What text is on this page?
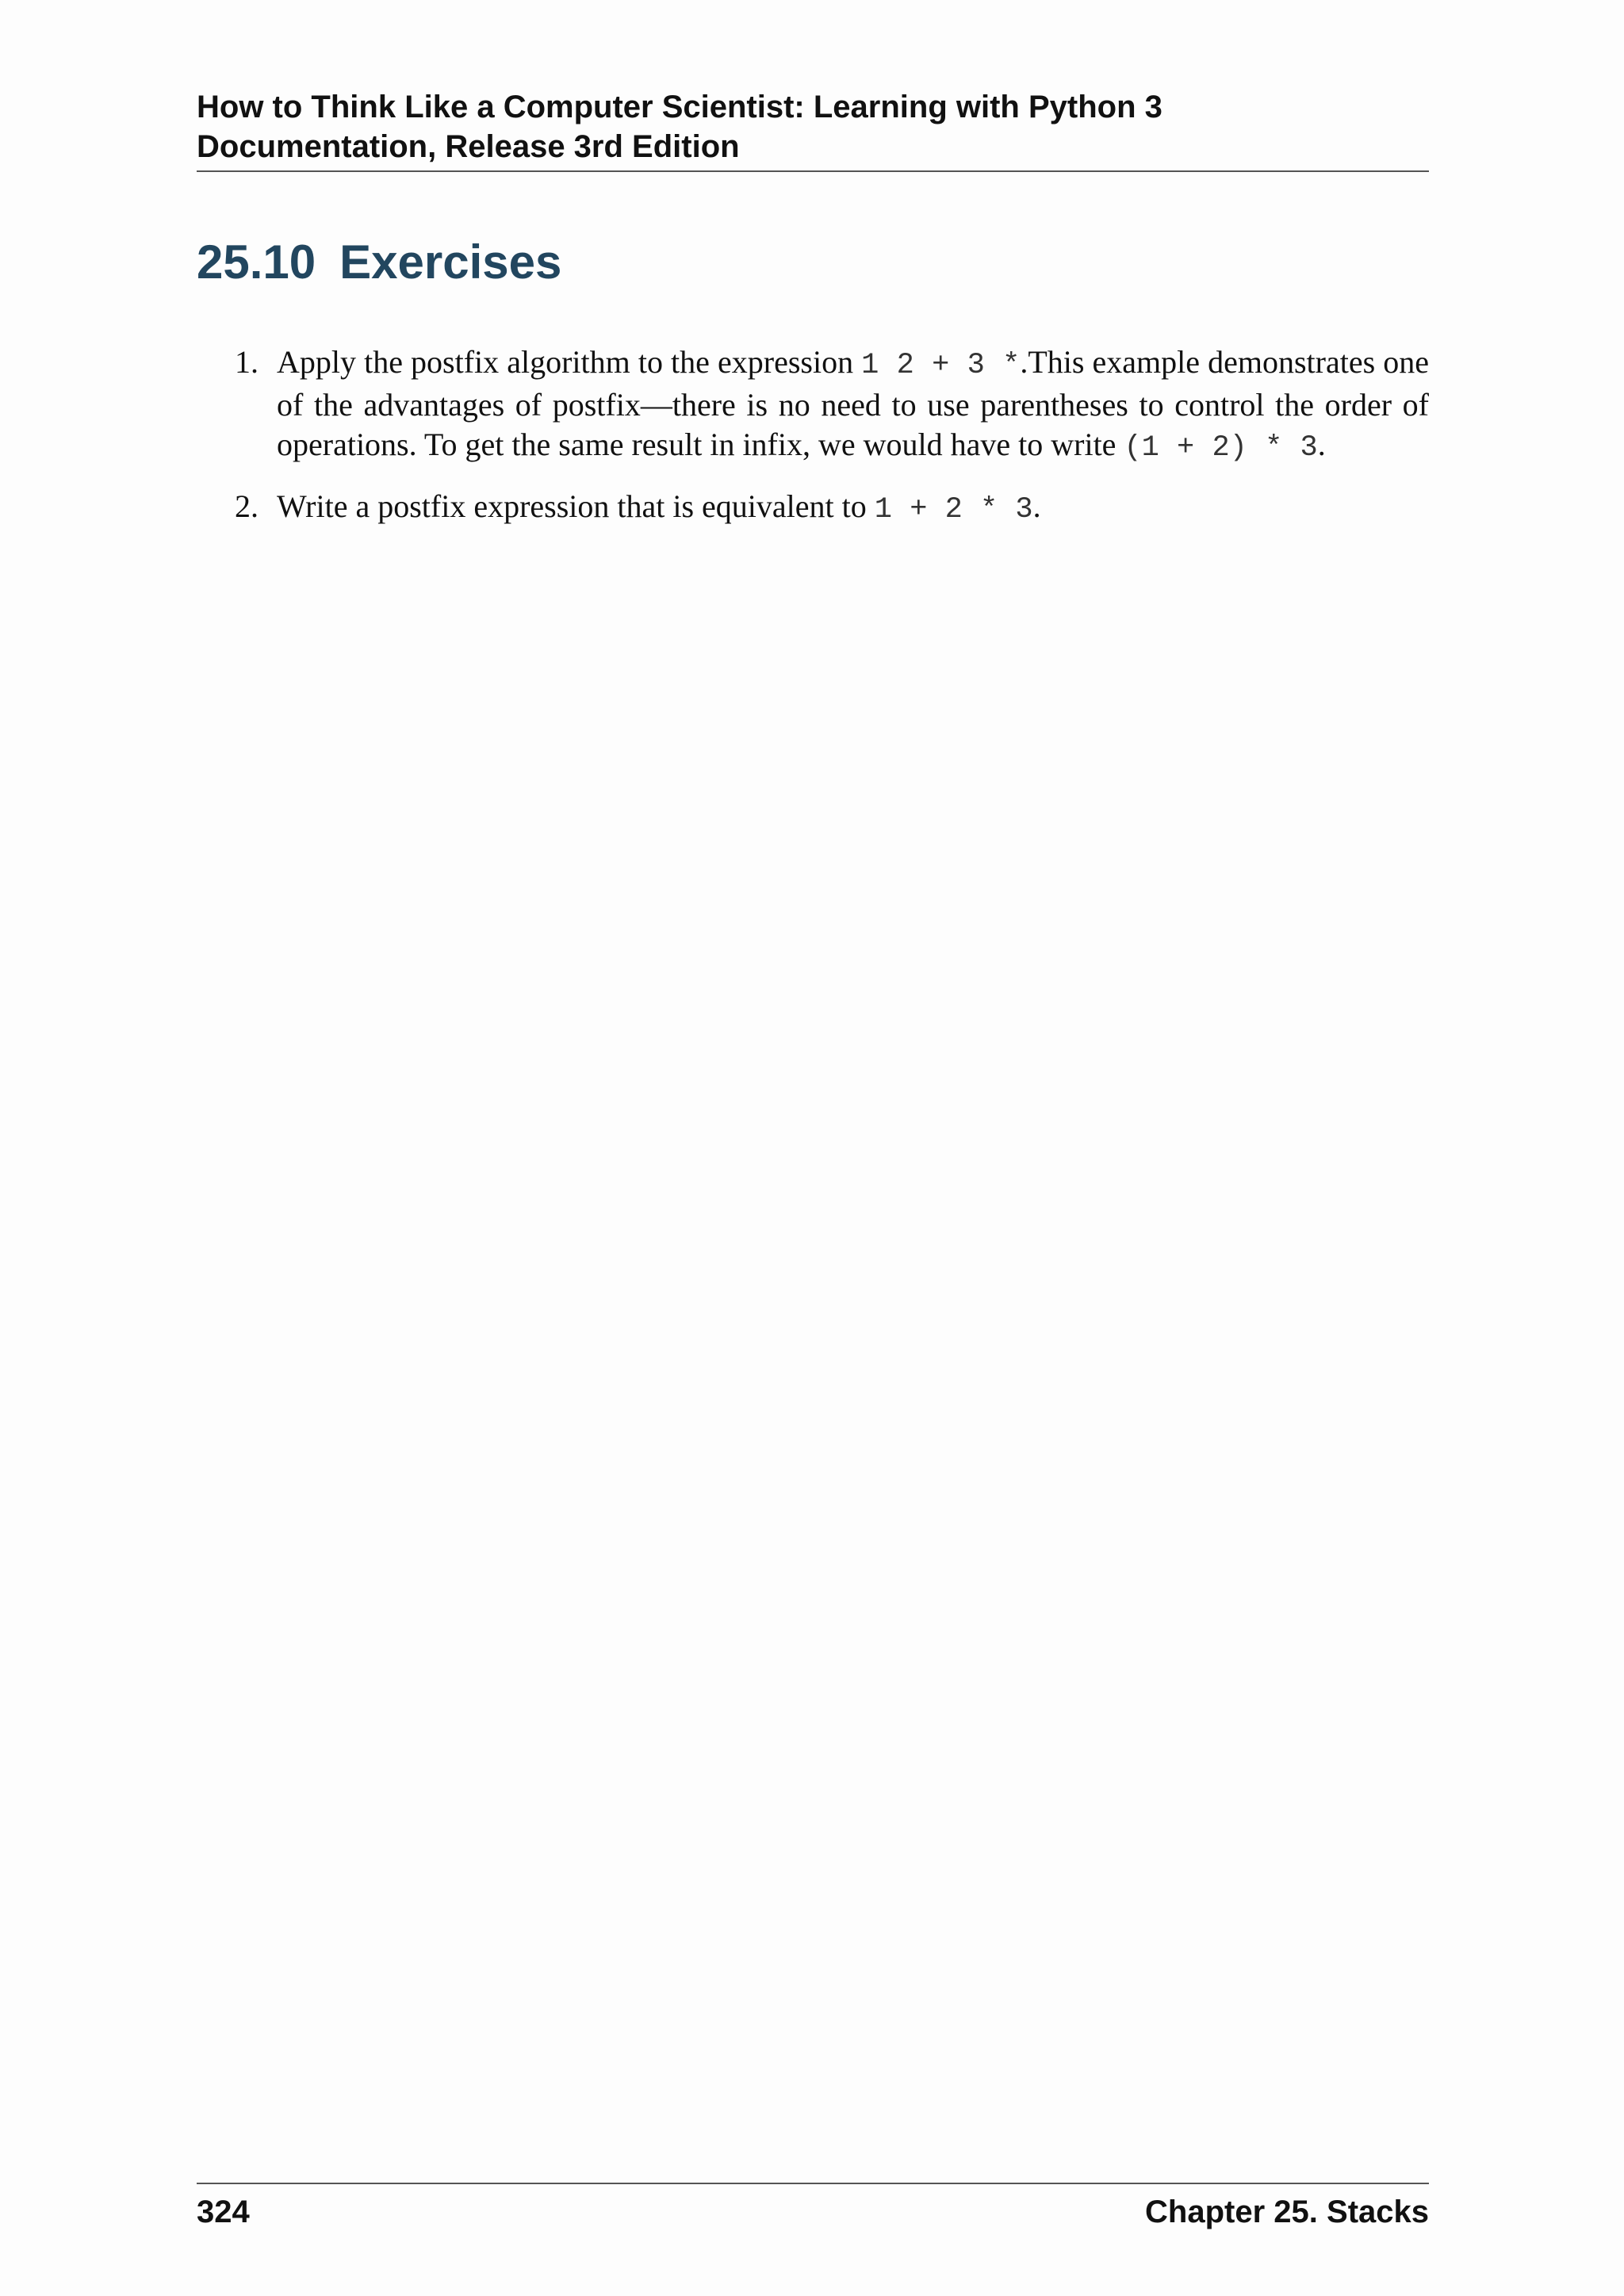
How to Think Like a Computer Scientist: Learning with Python 3
Documentation, Release 3rd Edition
25.10 Exercises
1. Apply the postfix algorithm to the expression 1 2 + 3 *.This example demonstrates one of the advantages of postfix—there is no need to use parentheses to control the order of operations. To get the same result in infix, we would have to write (1 + 2) * 3.
2. Write a postfix expression that is equivalent to 1 + 2 * 3.
324	Chapter 25. Stacks
